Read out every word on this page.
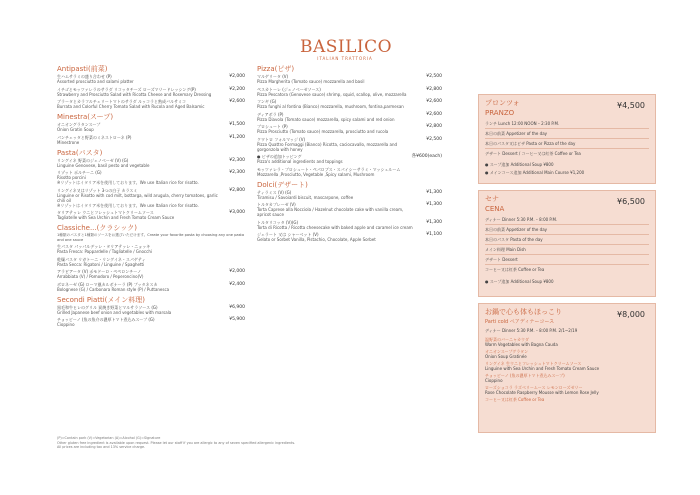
BASILICO
ITALIAN TRATTORIA
Antipasti(前菜)
生ハムサラミの盛り合わせ (P)
Assorted prosciutto and salami platter
¥2,000
イチゴとモッツァレラのサラダ リコッタチーズ ローズマリードレッシング(P)
Strawberry and Prosciutto Salad with Ricotta Cheese and Rosemary Dressing
¥2,200
ブラータとカラフルチェリートマトのサラダ ルッコラと熟成バルサミコ
Burrata and Colorful Cherry Tomato Salad with Rucola and Aged Balsamic
¥2,600
Minestra(スープ)
オニオングラタンスープ
Onion Gratin Soup
¥1,500
パンチェッタと野菜のミネストローネ (P)
Minestrone
¥1,200
Pasta(パスタ)
リングイネ 野菜のジェノベーゼ (V) (G)
Linguine Genovese, basil pesto and vegetable
¥2,300
リゾット ポルチーニ (G)
Risotto porcini
※リゾットはイタリア米を使用しております。We use Italian rice for risotto.
¥2,300
リングイネ又はリゾット 3つの白子 カラスミ
Linguine or Risotto with cod milt, bottarga, wild arugula, cherry tomatoes, garlic chili oil
※リゾットはイタリア米を使用しております。We use Italian rice for risotto.
¥2,800
タリアテッレ ウニとフレッシュトマトクリームソース
Tagliatelle with Sea Urchin and Fresh Tomato Cream Sauce
¥3,000
Classiche...(クラシック)
1種類のパスタと1種類のソースをお選びいただけます。Create your favorite pasta by choosing any one pasta and one sauce
生パスタ パッパルデッレ・タリアテッレ・ニョッキ
Pasta Fresca: Pappardelle / Tagliatelle / Gnocchi
乾燥パスタ リガトーニ・リングイネ・スパゲティ
Pasta Secca: Rigatoni / Linguine / Spaghetti
アラビアータ (V) ポモドーロ・ペペロンチーノ
Arrabbiata (V) / Pomodoro / Peperoncino(V)
¥2,000
ボロネーゼ (G) ローマ風カルボナーラ (P) プッタネスカ
Bolognese (G) / Carbonara Roman style (P) / Puttanesca
¥2,400
Secondi Piatti(メイン料理)
黒毛和牛ヒレのグリル 炭焼き野菜とマルサラソース (G)
Grilled Japanese beef onion and vegetables with marsala
¥6,900
チョッピーノ (魚の魚介の濃厚トマト煮込みスープ (G)
Cioppino
¥5,900
Pizza(ピザ)
マルゲリータ (V)
Pizza Margherita (Tomato sauce) mozzarella and basil
¥2,500
ペスカトーレ (ジェノベーゼソース)
Pizza Pescatora (Genovese sauce) shrimp, squid, scallop, olive, mozzarella
¥2,800
フンギ (G)
Pizza funghi al fontina (Bianco) mozzarella, mushroom, fontina,parmesan
¥2,600
ディアボラ (P)
Pizza Diavola (Tomato sauce) mozzarella, spicy salami and red onion
¥2,600
プロシュート (P)
Pizza Prosciutto (Tomato sauce) mozzarella, prosciutto and rucola
¥2,800
クワトロ フォルマッジ (V)
Pizza Quattro Formaggi (Bianco) Ricotta, caciocavallo, mozzarella and gorgonzola with honey
¥2,500
● ピザの追加トッピング
Pizza's additional ingredients and toppings
各¥600(each)
モッツァレラ・プロシュート・ペパロブス・スパイシーサラミ・マッシュルーム
Mozzarella ,Prosciutto, Vegetable ,Spicy salami, Mushroom
Dolci(デザート)
ティラミス (V) (G)
Tiramisu / Savoiardi biscuit, mascarpone, coffee
¥1,300
トルタカプレーゼ (V)
Torta Caprese alla Nocciola / Hazelnut chocolate cake with vanilla cream, apricot sauce
¥1,300
トルタリコッタ (V)(G)
Torta di Ricotta / Ricotta cheesecake with baked apple and caramel ice cream
¥1,300
ジェラート 又は シャーベット (V)
Gelato or Sorbet Vanilla, Pistachio, Chocolate, Apple Sorbet
¥1,100
(P)=Contain pork (V)=Vegetarian (A)=Alcohol (G)=Signature
Other gluten free ingredient is available upon request. Please let our staff if you are allergic to any of seven specified allergenic ingredients.
All prices are including tax and 13% service charge.
プロンツォ
PRANZO
¥4,500
ランチ Lunch 12:00 NOON – 2:30 P.M.
本日の前菜 Appetizer of the day
本日のパスタ又はピザ Pasta or Pizza of the day
デザート Dessert / コーヒー又は紅茶 Coffee or Tea
● スープ追加 Additional Soup ¥800
● メインコース追加 Additional Main Course ¥1,200
セナ
CENA
¥6,500
ディナー Dinner 5:30 P.M. – 8:00 P.M.
本日の前菜 Appetizer of the day
本日のパスタ Pasta of the day
メイン料理 Main Dish
デザート Dessert
コーヒー又は紅茶 Coffee or Tea
● スープ追加 Additional Soup ¥800
お鍋で心も体もほっこり
Parti cold ペアディナーコース
¥8,000
ディナー Dinner 5:30 P.M. – 8:00 P.M. 2/1~2/19
温野菜のバーニャカウダ
Warm Vegetables with Bagna Cauda
オニオンスープグラタン
Onion Soup Gratinée
リングイネ 生ウニとフレッシュトマトクリームソース
Linguine with Sea Urchin and Fresh Tomato Cream Sauce
チョッピーノ (魚の濃厚トマト煮込みスープ)
Cioppino
ローズショコラ ラズベリームース レモンローズゼリー
Rose Chocolate Raspberry Mousse with Lemon Rose Jelly
コーヒー又は紅茶 Coffee or Tea
